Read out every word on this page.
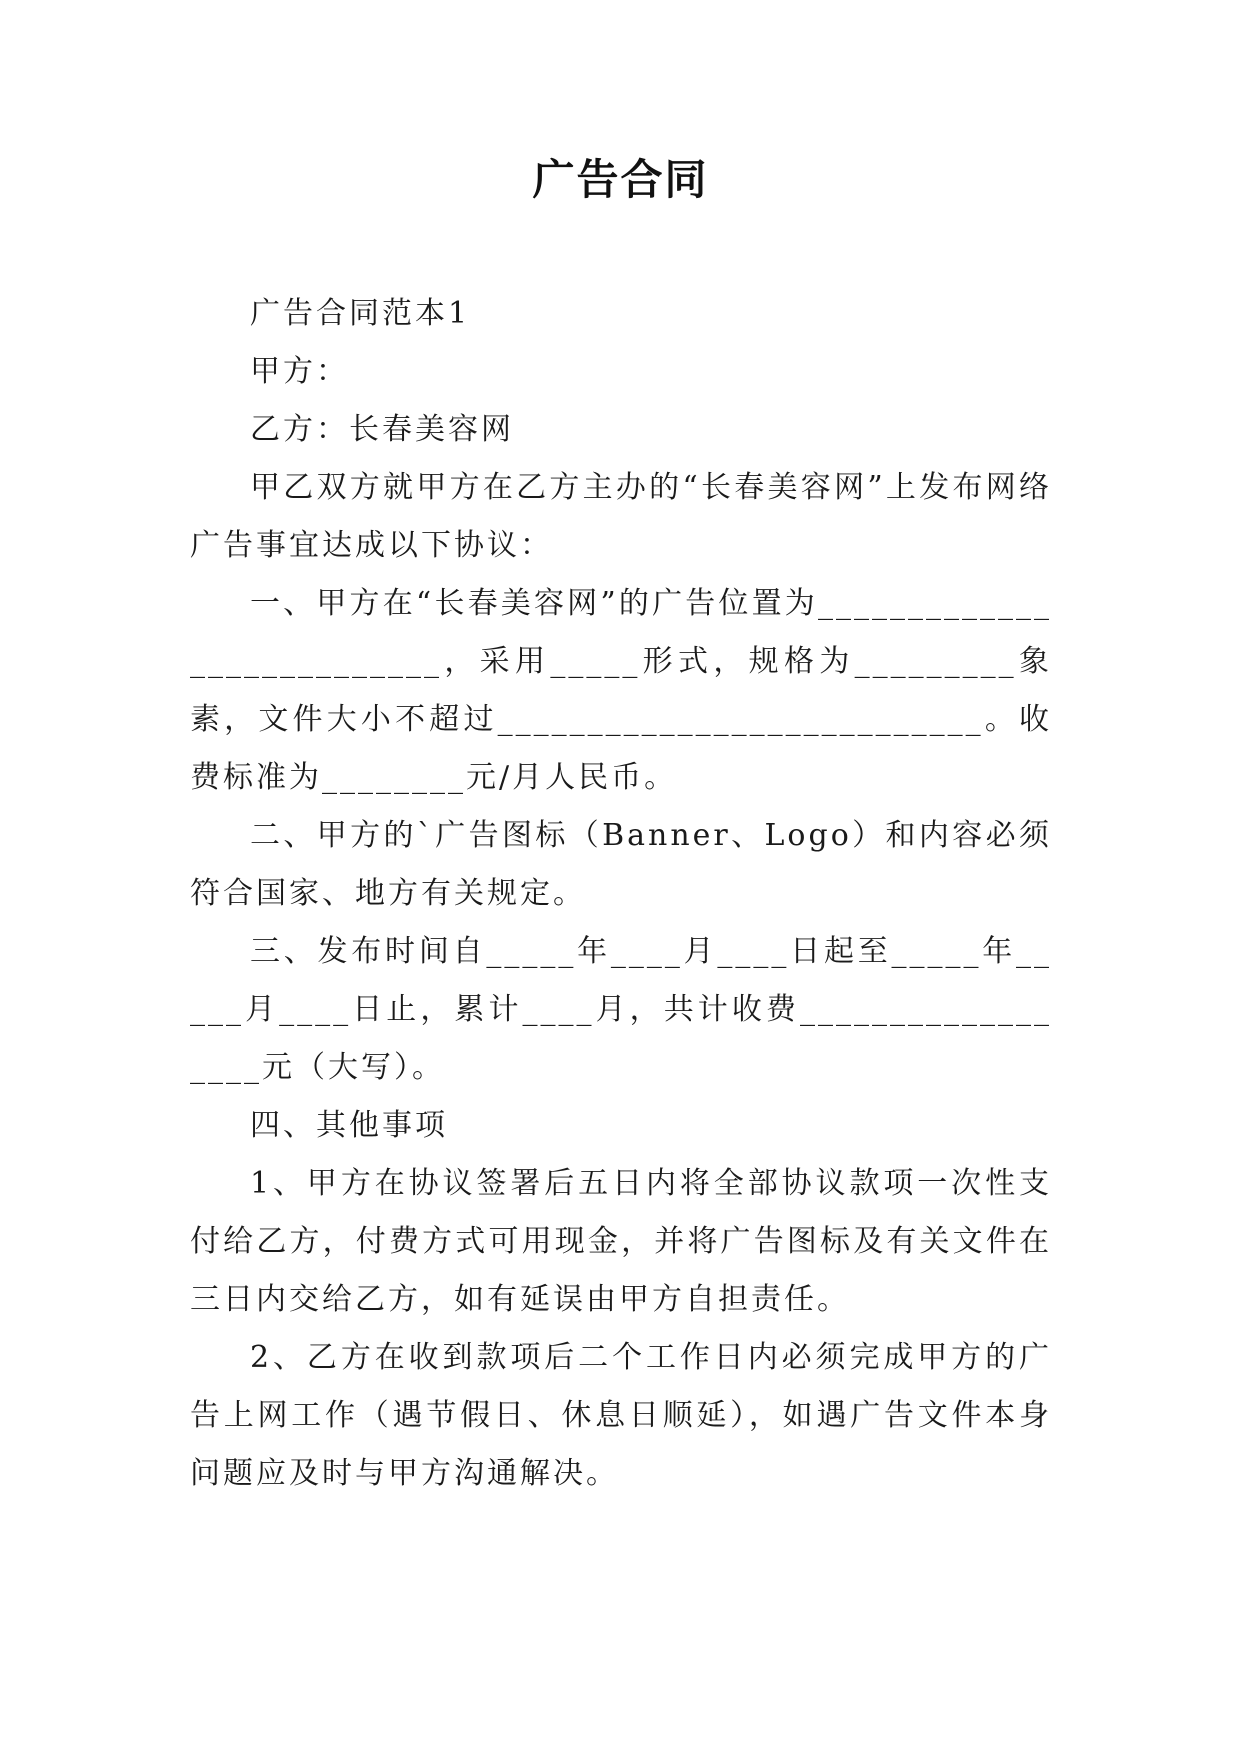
广告合同

广告合同范本1

甲方：

乙方：长春美容网

甲乙双方就甲方在乙方主办的“长春美容网”上发布网络广告事宜达成以下协议：

一、甲方在“长春美容网”的广告位置为___________________________，采用_____形式，规格为_________象素，文件大小不超过___________________________。收费标准为________元/月人民币。

二、甲方的`广告图标（Banner、Logo）和内容必须符合国家、地方有关规定。

三、发布时间自_____年____月____日起至_____年_____月____日止，累计____月，共计收费__________________元（大写）。

四、其他事项

1、甲方在协议签署后五日内将全部协议款项一次性支付给乙方，付费方式可用现金，并将广告图标及有关文件在三日内交给乙方，如有延误由甲方自担责任。

2、乙方在收到款项后二个工作日内必须完成甲方的广告上网工作（遇节假日、休息日顺延），如遇广告文件本身问题应及时与甲方沟通解决。
